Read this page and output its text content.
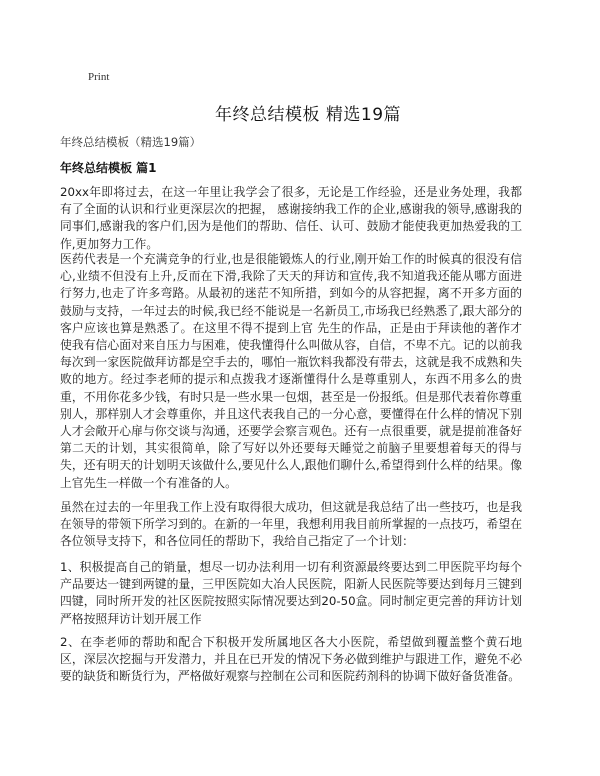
Print
年终总结模板 精选19篇
年终总结模板（精选19篇）
年终总结模板 篇1
20xx年即将过去，在这一年里让我学会了很多，无论是工作经验，还是业务处理，我都有了全面的认识和行业更深层次的把握， 感谢接纳我工作的企业,感谢我的领导,感谢我的同事们,感谢我的客户们,因为是他们的帮助、信任、认可、鼓励才能使我更加热爱我的工作,更加努力工作。
医药代表是一个充满竞争的行业,也是很能锻炼人的行业,刚开始工作的时候真的很没有信心,业绩不但没有上升,反而在下滑,我除了天天的拜访和宣传,我不知道我还能从哪方面进行努力,也走了许多弯路。从最初的迷茫不知所措，到如今的从容把握，离不开多方面的鼓励与支持，一年过去的时候,我已经不能说是一名新员工,市场我已经熟悉了,跟大部分的客户应该也算是熟悉了。在这里不得不提到上官 先生的作品，正是由于拜读他的著作才使我有信心面对来自压力与困难，使我懂得什么叫做从容，自信，不卑不亢。记的以前我每次到一家医院做拜访都是空手去的，哪怕一瓶饮料我都没有带去，这就是我不成熟和失败的地方。经过李老师的提示和点拨我才逐渐懂得什么是尊重别人，东西不用多么的贵重，不用你花多少钱，有时只是一些水果一包烟，甚至是一份报纸。但是那代表着你尊重别人，那样别人才会尊重你，并且这代表我自己的一分心意，要懂得在什么样的情况下别人才会敞开心扉与你交谈与沟通，还要学会察言观色。还有一点很重要，就是提前准备好第二天的计划，其实很简单，除了写好以外还要每天睡觉之前脑子里要想着每天的得与失，还有明天的计划明天该做什么,要见什么人,跟他们聊什么,希望得到什么样的结果。像上官先生一样做一个有准备的人。
虽然在过去的一年里我工作上没有取得很大成功，但这就是我总结了出一些技巧，也是我在领导的带领下所学习到的。在新的一年里，我想利用我目前所掌握的一点技巧，希望在各位领导支持下，和各位同任的帮助下，我给自己指定了一个计划：
1、积极提高自己的销量，想尽一切办法利用一切有利资源最终要达到二甲医院平均每个产品要达一键到两键的量，三甲医院如大冶人民医院，阳新人民医院等要达到每月三键到四键，同时所开发的社区医院按照实际情况要达到20-50盒。同时制定更完善的拜访计划严格按照拜访计划开展工作
2、在李老师的帮助和配合下积极开发所属地区各大小医院，希望做到覆盖整个黄石地区，深层次挖掘与开发潜力，并且在已开发的情况下务必做到维护与跟进工作，避免不必要的缺货和断货行为，严格做好观察与控制在公司和医院药剂科的协调下做好备货准备。
